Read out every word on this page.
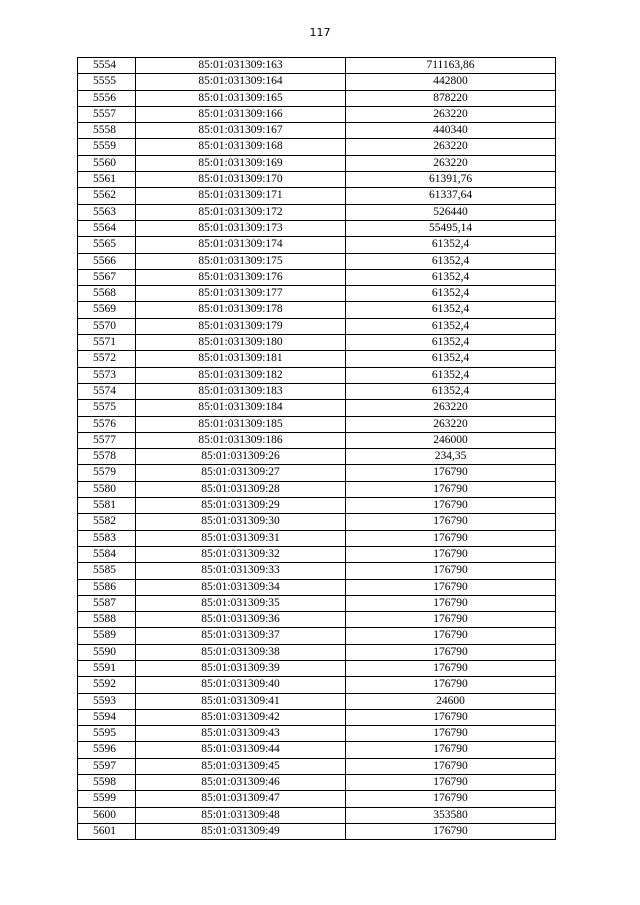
117
5554	85:01:031309:163	711163,86
5555	85:01:031309:164	442800
5556	85:01:031309:165	878220
5557	85:01:031309:166	263220
5558	85:01:031309:167	440340
5559	85:01:031309:168	263220
5560	85:01:031309:169	263220
5561	85:01:031309:170	61391,76
5562	85:01:031309:171	61337,64
5563	85:01:031309:172	526440
5564	85:01:031309:173	55495,14
5565	85:01:031309:174	61352,4
5566	85:01:031309:175	61352,4
5567	85:01:031309:176	61352,4
5568	85:01:031309:177	61352,4
5569	85:01:031309:178	61352,4
5570	85:01:031309:179	61352,4
5571	85:01:031309:180	61352,4
5572	85:01:031309:181	61352,4
5573	85:01:031309:182	61352,4
5574	85:01:031309:183	61352,4
5575	85:01:031309:184	263220
5576	85:01:031309:185	263220
5577	85:01:031309:186	246000
5578	85:01:031309:26	234,35
5579	85:01:031309:27	176790
5580	85:01:031309:28	176790
5581	85:01:031309:29	176790
5582	85:01:031309:30	176790
5583	85:01:031309:31	176790
5584	85:01:031309:32	176790
5585	85:01:031309:33	176790
5586	85:01:031309:34	176790
5587	85:01:031309:35	176790
5588	85:01:031309:36	176790
5589	85:01:031309:37	176790
5590	85:01:031309:38	176790
5591	85:01:031309:39	176790
5592	85:01:031309:40	176790
5593	85:01:031309:41	24600
5594	85:01:031309:42	176790
5595	85:01:031309:43	176790
5596	85:01:031309:44	176790
5597	85:01:031309:45	176790
5598	85:01:031309:46	176790
5599	85:01:031309:47	176790
5600	85:01:031309:48	353580
5601	85:01:031309:49	176790
